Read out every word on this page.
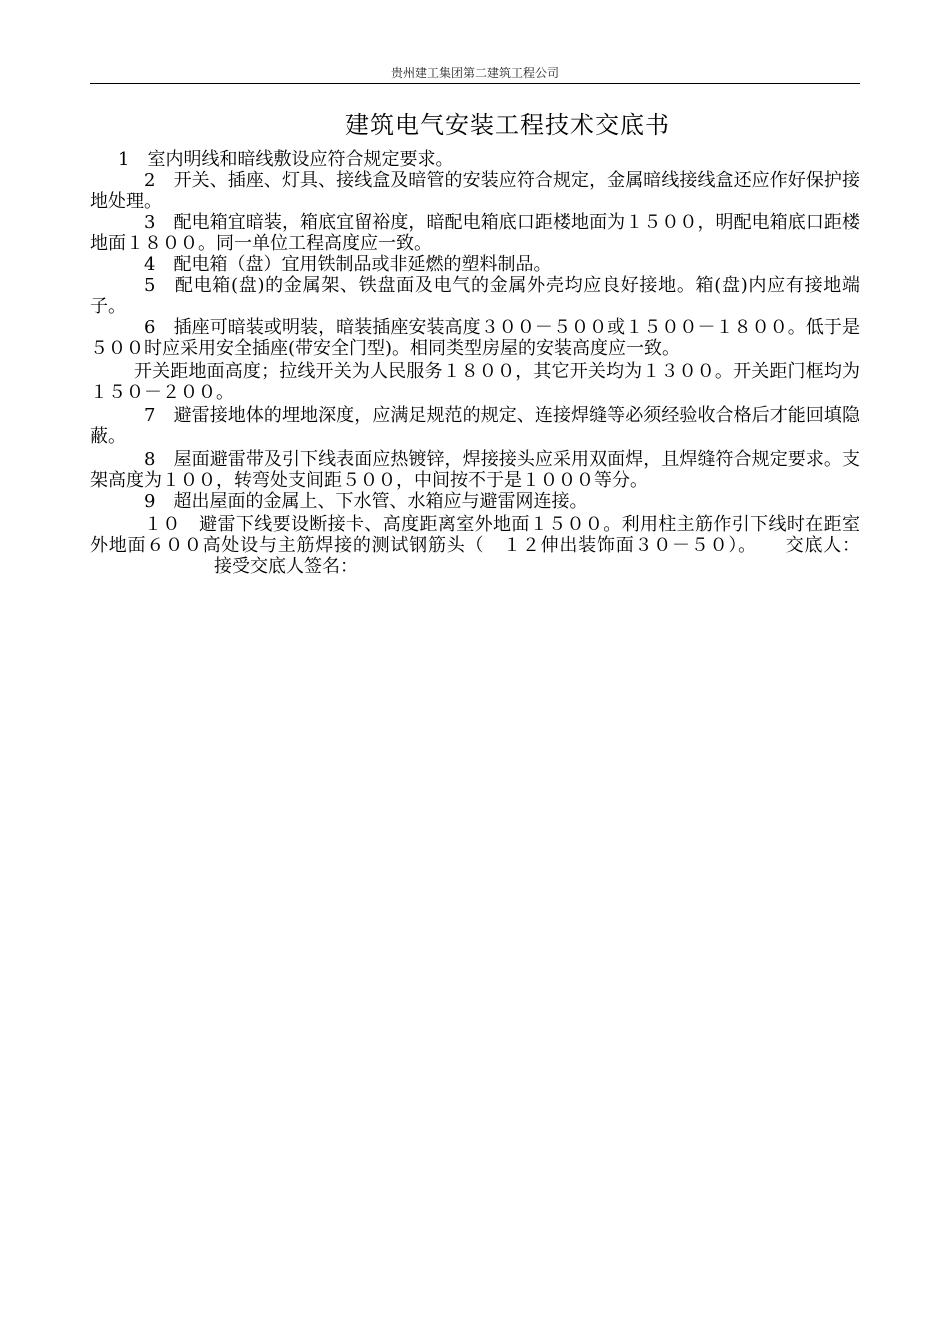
贵州建工集团第二建筑工程公司
建筑电气安装工程技术交底书

1　室内明线和暗线敷设应符合规定要求。

2　开关、插座、灯具、接线盒及暗管的安装应符合规定，金属暗线接线盒还应作好保护接地处理。

3　配电箱宜暗装，箱底宜留裕度，暗配电箱底口距楼地面为１５００，明配电箱底口距楼地面１８００。同一单位工程高度应一致。

4　配电箱（盘）宜用铁制品或非延燃的塑料制品。

5　配电箱(盘)的金属架、铁盘面及电气的金属外壳均应良好接地。箱(盘)内应有接地端子。

6　插座可暗装或明装，暗装插座安装高度３００－５００或１５００－１８００。低于是５００时应采用安全插座(带安全门型)。相同类型房屋的安装高度应一致。

开关距地面高度；拉线开关为人民服务１８００，其它开关均为１３００。开关距门框均为１５０－２００。

7　避雷接地体的埋地深度，应满足规范的规定、连接焊缝等必须经验收合格后才能回填隐蔽。

8　屋面避雷带及引下线表面应热镀锌，焊接接头应采用双面焊，且焊缝符合规定要求。支架高度为１００，转弯处支间距５００，中间按不于是１０００等分。

9　超出屋面的金属上、下水管、水箱应与避雷网连接。

１０　避雷下线要设断接卡、高度距离室外地面１５００。利用柱主筋作引下线时在距室外地面６００高处设与主筋焊接的测试钢筋头（　１２伸出装饰面３０－５０）。 交底人：接受交底人签名：
